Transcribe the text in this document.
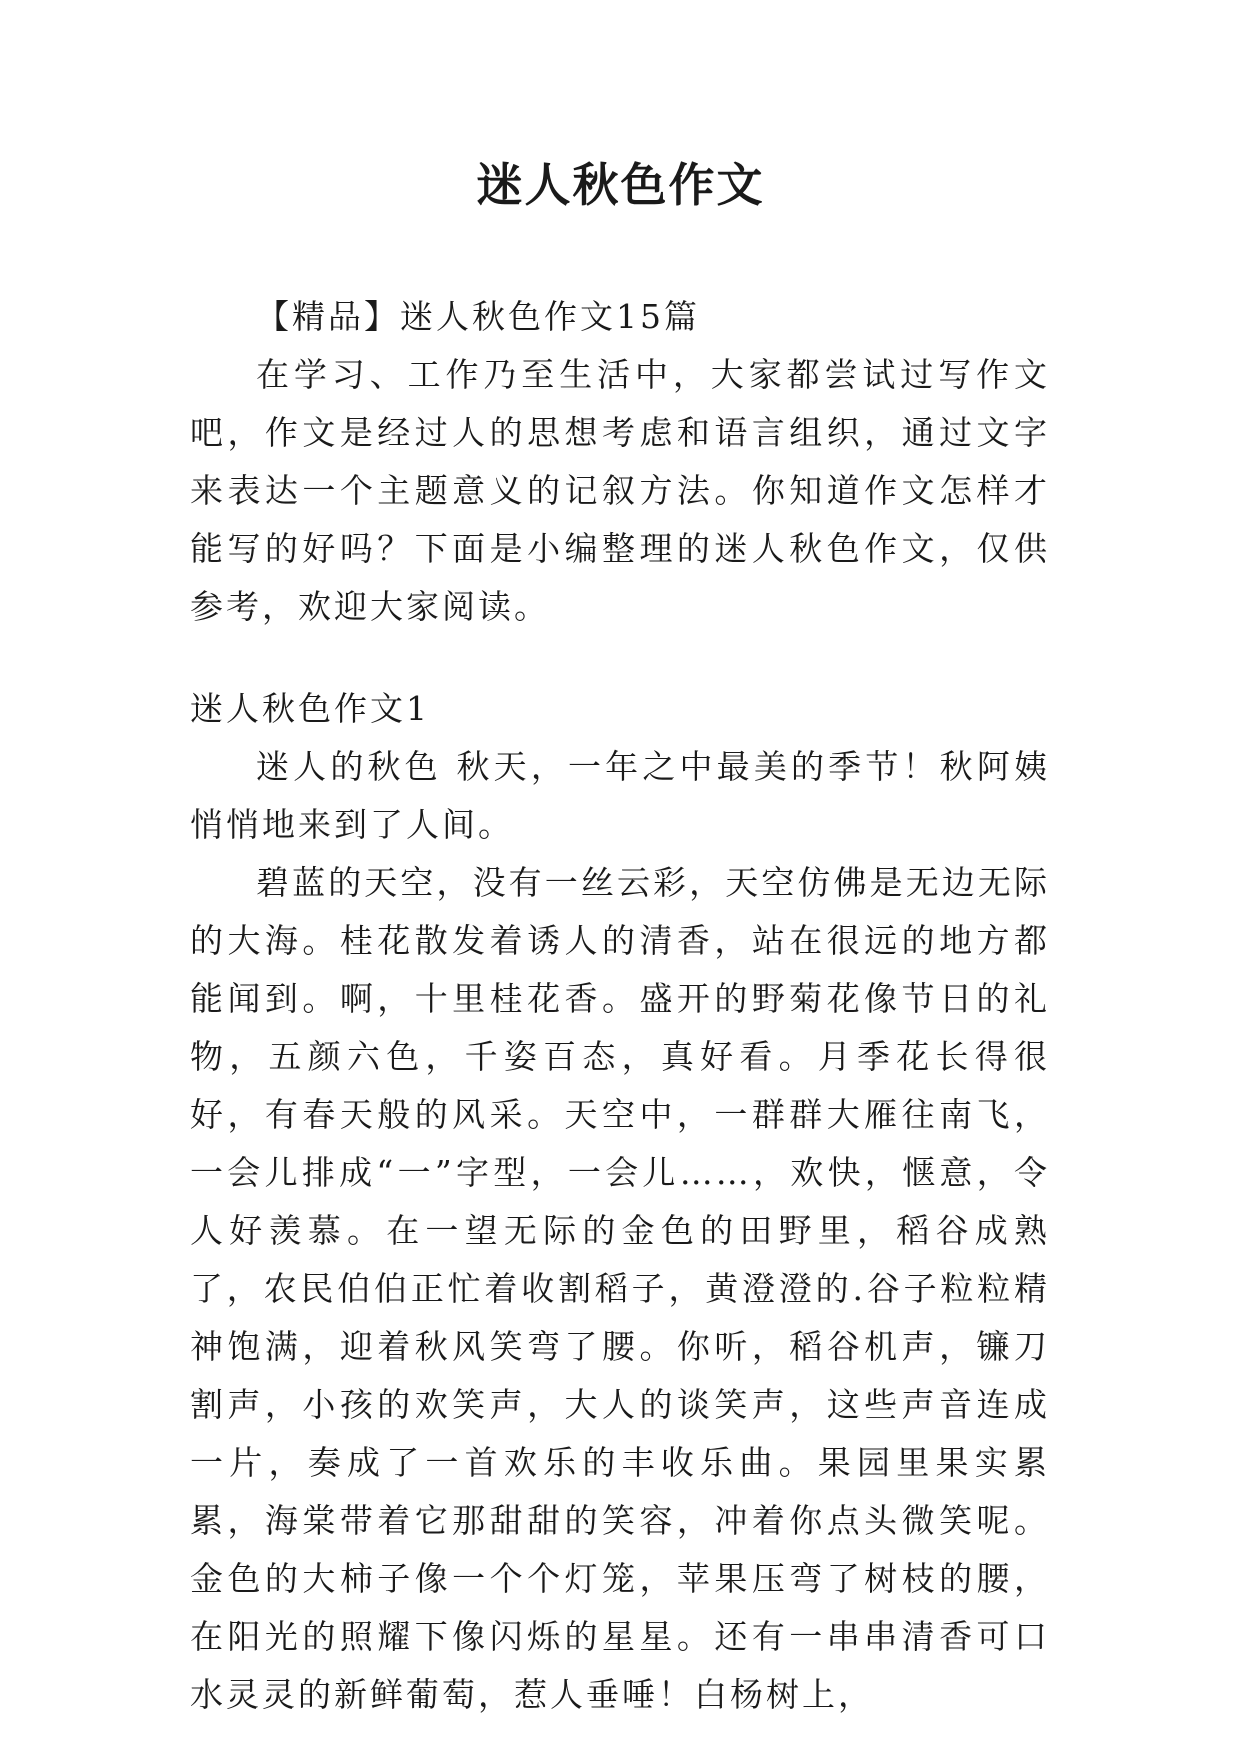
迷人秋色作文

【精品】迷人秋色作文15篇

在学习、工作乃至生活中，大家都尝试过写作文吧，作文是经过人的思想考虑和语言组织，通过文字来表达一个主题意义的记叙方法。你知道作文怎样才能写的好吗？下面是小编整理的迷人秋色作文，仅供参考，欢迎大家阅读。

迷人秋色作文1

迷人的秋色 秋天，一年之中最美的季节！秋阿姨悄悄地来到了人间。

碧蓝的天空，没有一丝云彩，天空仿佛是无边无际的大海。桂花散发着诱人的清香，站在很远的地方都能闻到。啊，十里桂花香。盛开的野菊花像节日的礼物，五颜六色，千姿百态，真好看。月季花长得很好，有春天般的风采。天空中，一群群大雁往南飞，一会儿排成“一”字型，一会儿……，欢快，惬意，令人好羡慕。在一望无际的金色的田野里，稻谷成熟了，农民伯伯正忙着收割稻子，黄澄澄的.谷子粒粒精神饱满，迎着秋风笑弯了腰。你听，稻谷机声，镰刀割声，小孩的欢笑声，大人的谈笑声，这些声音连成一片，奏成了一首欢乐的丰收乐曲。果园里果实累累，海棠带着它那甜甜的笑容，冲着你点头微笑呢。金色的大柿子像一个个灯笼，苹果压弯了树枝的腰，在阳光的照耀下像闪烁的星星。还有一串串清香可口水灵灵的新鲜葡萄，惹人垂唾！白杨树上，
